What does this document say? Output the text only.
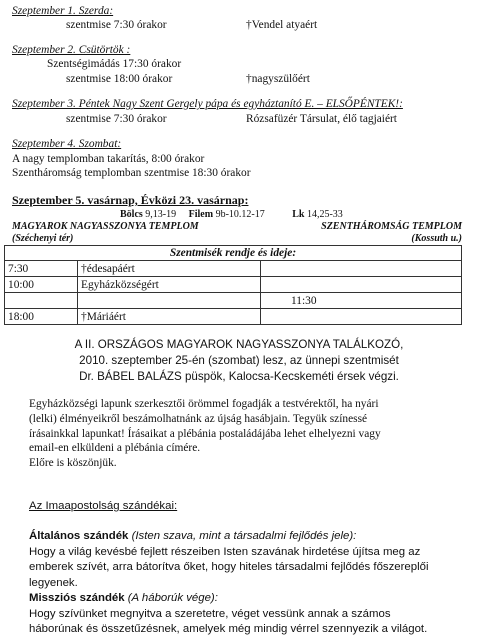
Szeptember 1. Szerda:
szentmise 7:30 órakor	†Vendel atyaért
Szeptember 2. Csütörtök :
Szentségimádás 17:30 órakor
szentmise 18:00 órakor	†nagyszülőért
Szeptember 3. Péntek Nagy Szent Gergely pápa és egyháztanító E. – ELSŐPÉNTEK!:
szentmise 7:30 órakor	Rózsafüzér Társulat, élő tagjaiért
Szeptember 4. Szombat:
A nagy templomban takarítás, 8:00 órakor
Szentháromság templomban szentmise 18:30 órakor
Szeptember 5. vasárnap, Évközi 23. vasárnap:
Bölcs 9,13-19 Filem 9b-10.12-17	Lk 14,25-33
MAGYAROK NAGYASSZONYA TEMPLOM
(Széchenyi tér)
SZENTHÁROMSÁG TEMPLOM
(Kossuth u.)
Szentmisék rendje és ideje:		
7:30	†édesapáért	
10:00	Egyházközségért	
		11:30
18:00	†Máriáért	
A II. ORSZÁGOS MAGYAROK NAGYASSZONYA TALÁLKOZÓ,
2010. szeptember 25-én (szombat) lesz, az ünnepi szentmisét
Dr. BÁBEL BALÁZS püspök, Kalocsa-Kecskeméti érsek végzi.
Egyházközségi lapunk szerkesztői örömmel fogadják a testvérektől, ha nyári
(lelki) élményeikről beszámolhatnánk az újság hasábjain. Tegyük színessé
írásainkkal lapunkat! Írásaikat a plébánia postaládájába lehet elhelyezni vagy
email-en elküldeni a plébánia címére.
Előre is köszönjük.
Az Imaapostolság szándékai:
Általános szándék (Isten szava, mint a társadalmi fejlődés jele):
Hogy a világ kevésbé fejlett részeiben Isten szavának hirdetése újítsa meg az
emberek szívét, arra bátorítva őket, hogy hiteles társadalmi fejlődés főszereplői
legyenek.
Missziós szándék (A háborúk vége):
Hogy szívünket megnyitva a szeretetre, véget vessünk annak a számos
háborúnak és összetűzésnek, amelyek még mindig vérrel szennyezik a világot.
